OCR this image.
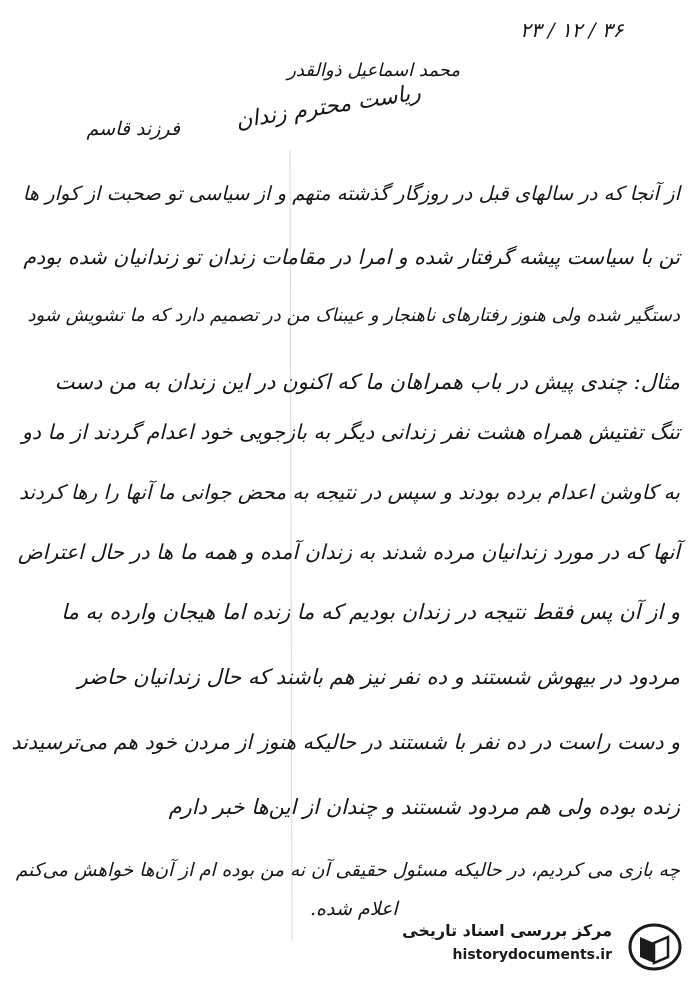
۲۳ / ۱۲ / ۳۶
محمد اسماعیل ذوالقدر
فرزند قاسم ریاست محترم زندان
از آنجا که در سالهای قبل در روزگار گذشته متهم و از سیاسی تو صحبت از کوار ها
تن با سیاست پیشه گرفتار شده و امرا در مقامات زندان تو زندانیان شده بودم
دستگیر شده ولی هنوز رفتارهای ناهنجار و عیبناک من در تصمیم دارد که ما تشویش شود
مثال: چندی پیش در باب همراهان ما که اکنون در این زندان به من دست
تنگ تفتیش همراه هشت نفر زندانی دیگر به بازجویی خود اعدام گردند از ما دو
به کاوشن اعدام برده بودند و سپس در نتیجه به محض جوانی ما آنها را رها کردند
آنها که در مورد زندانیان مرده شدند به زندان آمده و همه ما ها در حال اعتراض
و از آن پس فقط نتیجه در زندان بودیم که ما زنده اما هیجان وارده به ما
مردود در بیهوش شستند و ده نفر نیز هم باشند که حال زندانیان حاضر
و دست راست در ده نفر با شستند در حالیکه هنوز از مردن خود هم می‌ترسیدند
زنده بوده ولی هم مردود شستند و چندان از این‌ها خبر دارم
چه بازی می کردیم، در حالیکه مسئول حقیقی آن نه من بوده ام از آن‌ها خواهش می‌کنم
اعلام شده.
مرکز بررسی اسناد تاریخی
historydocuments.ir
